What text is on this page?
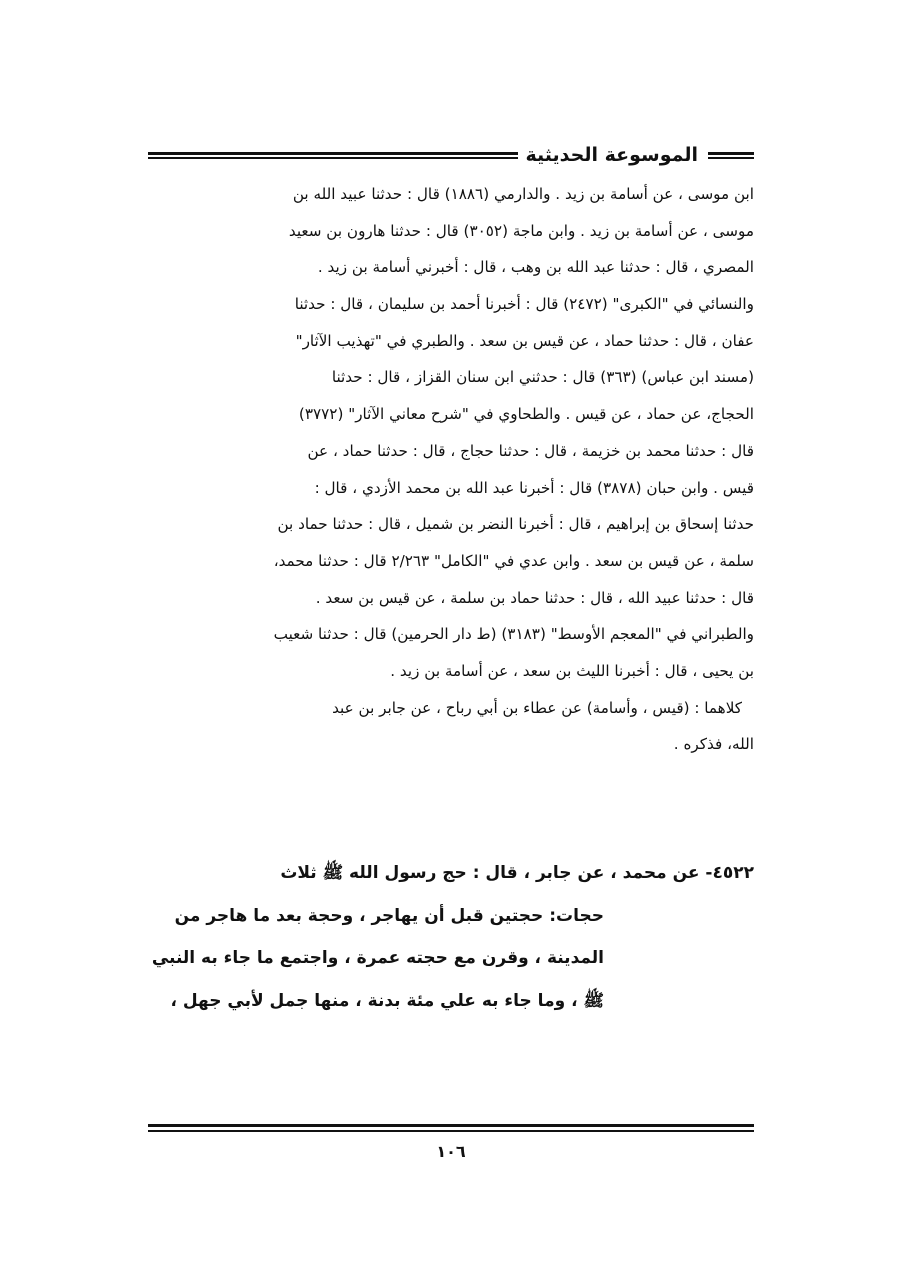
الموسوعة الحديثية
ابن موسى ، عن أسامة بن زيد . والدارمي (١٨٨٦) قال : حدثنا عبيد الله بن
موسى ، عن أسامة بن زيد . وابن ماجة (٣٠٥٢) قال : حدثنا هارون بن سعيد
المصري ، قال : حدثنا عبد الله بن وهب ، قال : أخبرني أسامة بن زيد .
والنسائي في "الكبرى" (٢٤٧٢) قال : أخبرنا أحمد بن سليمان ، قال : حدثنا
عفان ، قال : حدثنا حماد ، عن قيس بن سعد . والطبري في "تهذيب الآثار"
(مسند ابن عباس) (٣٦٣) قال : حدثني ابن سنان القزاز ، قال : حدثنا
الحجاج، عن حماد ، عن قيس . والطحاوي في "شرح معاني الآثار" (٣٧٧٢)
قال : حدثنا محمد بن خزيمة ، قال : حدثنا حجاج ، قال : حدثنا حماد ، عن
قيس . وابن حبان (٣٨٧٨) قال : أخبرنا عبد الله بن محمد الأزدي ، قال :
حدثنا إسحاق بن إبراهيم ، قال : أخبرنا النضر بن شميل ، قال : حدثنا حماد بن
سلمة ، عن قيس بن سعد . وابن عدي في "الكامل" ٢/٢٦٣ قال : حدثنا محمد،
قال : حدثنا عبيد الله ، قال : حدثنا حماد بن سلمة ، عن قيس بن سعد .
والطبراني في "المعجم الأوسط" (٣١٨٣) (ط دار الحرمين) قال : حدثنا شعيب
بن يحيى ، قال : أخبرنا الليث بن سعد ، عن أسامة بن زيد .
كلاهما : (قيس ، وأسامة) عن عطاء بن أبي رباح ، عن جابر بن عبد
الله، فذكره .
٤٥٢٢- عن محمد ، عن جابر ، قال : حج رسول الله ﷺ ثلاث
حجات: حجتين قبل أن يهاجر ، وحجة بعد ما هاجر من
المدينة ، وقرن مع حجته عمرة ، واجتمع ما جاء به النبي
ﷺ ، وما جاء به علي مئة بدنة ، منها جمل لأبي جهل ،
١٠٦
